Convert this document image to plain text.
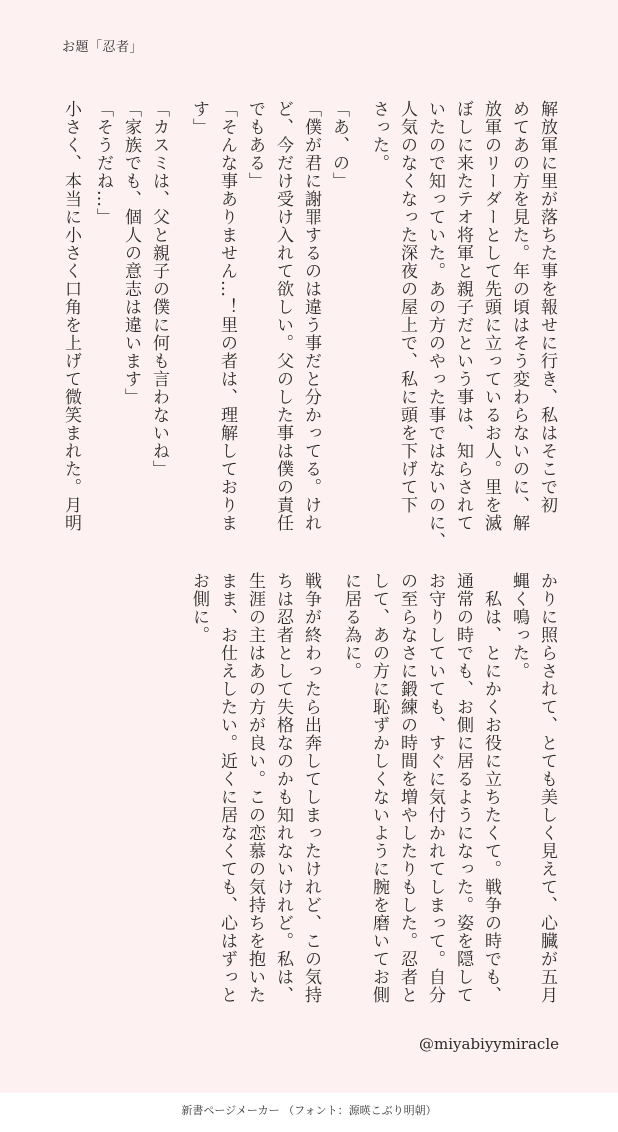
お題「忍者」
解放軍に里が落ちた事を報せに行き、私はそこで初
めてあの方を見た。年の頃はそう変わらないのに、解
放軍のリーダーとして先頭に立っているお人。里を滅
ぼしに来たテオ将軍と親子だという事は、知らされて
いたので知っていた。あの方のやった事ではないのに、
人気のなくなった深夜の屋上で、私に頭を下げて下
さった。
「あ、の」
「僕が君に謝罪するのは違う事だと分かってる。けれ
ど、今だけ受け入れて欲しい。父のした事は僕の責任
でもある」
「そんな事ありません…！里の者は、理解しておりま
す」
「カスミは、父と親子の僕に何も言わないね」
「家族でも、個人の意志は違います」
「そうだね…」
小さく、本当に小さく口角を上げて微笑まれた。月明
かりに照らされて、とても美しく見えて、心臓が五月
蝿く鳴った。
　私は、とにかくお役に立ちたくて。戦争の時でも、
通常の時でも、お側に居るようになった。姿を隠して
お守りしていても、すぐに気付かれてしまって。自分
の至らなさに鍛練の時間を増やしたりもした。忍者と
して、あの方に恥ずかしくないように腕を磨いてお側
に居る為に。
戦争が終わったら出奔してしまったけれど、この気持
ちは忍者として失格なのかも知れないけれど。私は、
生涯の主はあの方が良い。この恋慕の気持ちを抱いた
まま、お仕えしたい。近くに居なくても、心はずっと
お側に。
@miyabiyymiracle
新書ページメーカー （フォント：源暎こぶり明朝）
